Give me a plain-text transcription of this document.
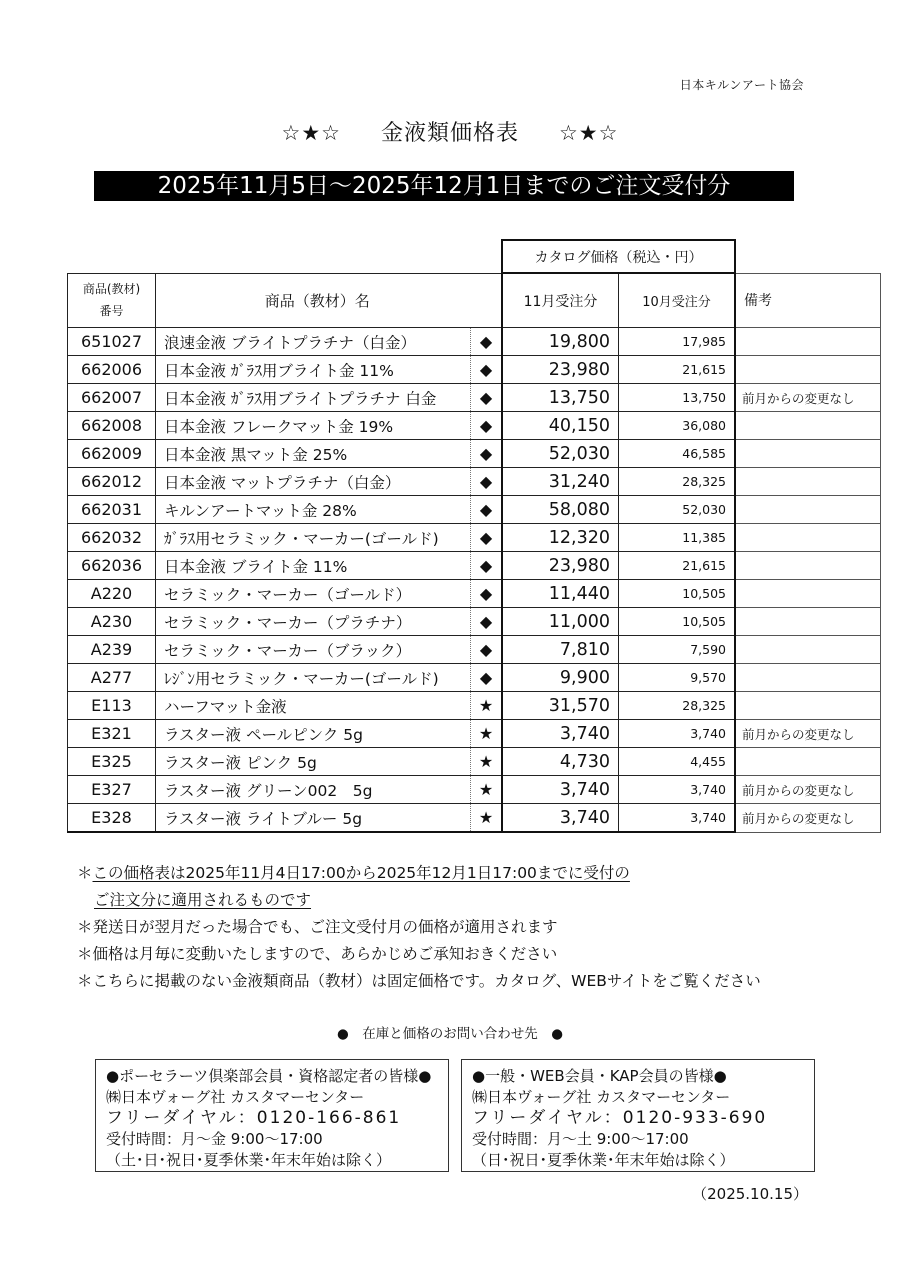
日本キルンアート協会
☆★☆ 金液類価格表 ☆★☆
2025年11月5日〜2025年12月1日までのご注文受付分
			カタログ価格（税込・円）		

商品(教材)
番号	商品（教材）名		11月受注分	10月受注分	備考
651027	浪速金液 ブライトプラチナ（白金）	◆	19,800	17,985	
662006	日本金液 ｶﾞﾗｽ用ブライト金 11%	◆	23,980	21,615	
662007	日本金液 ｶﾞﾗｽ用ブライトプラチナ 白金	◆	13,750	13,750	前月からの変更なし
662008	日本金液 フレークマット金 19%	◆	40,150	36,080	
662009	日本金液 黒マット金 25%	◆	52,030	46,585	
662012	日本金液 マットプラチナ（白金）	◆	31,240	28,325	
662031	キルンアートマット金 28%	◆	58,080	52,030	
662032	ｶﾞﾗｽ用セラミック・マーカー(ゴールド)	◆	12,320	11,385	
662036	日本金液 ブライト金 11%	◆	23,980	21,615	
A220	セラミック・マーカー（ゴールド）	◆	11,440	10,505	
A230	セラミック・マーカー（プラチナ）	◆	11,000	10,505	
A239	セラミック・マーカー（ブラック）	◆	7,810	7,590	
A277	ﾚｼﾞﾝ用セラミック・マーカー(ゴールド)	◆	9,900	9,570	
E113	ハーフマット金液	★	31,570	28,325	
E321	ラスター液 ペールピンク 5g	★	3,740	3,740	前月からの変更なし
E325	ラスター液 ピンク 5g	★	4,730	4,455	
E327	ラスター液 グリーン002　5g	★	3,740	3,740	前月からの変更なし
E328	ラスター液 ライトブルー 5g	★	3,740	3,740	前月からの変更なし
＊この価格表は2025年11月4日17:00から2025年12月1日17:00までに受付の
ご注文分に適用されるものです
＊発送日が翌月だった場合でも、ご注文受付月の価格が適用されます
＊価格は月毎に変動いたしますので、あらかじめご承知おきください
＊こちらに掲載のない金液類商品（教材）は固定価格です。カタログ、WEBサイトをご覧ください
●　在庫と価格のお問い合わせ先　●
●ポーセラーツ倶楽部会員・資格認定者の皆様●
㈱日本ヴォーグ社 カスタマーセンター
フリーダイヤル：0120-166-861
受付時間：月〜金 9:00〜17:00
（土･日･祝日･夏季休業･年末年始は除く）
●一般・WEB会員・KAP会員の皆様●
㈱日本ヴォーグ社 カスタマーセンター
フリーダイヤル：0120-933-690
受付時間：月〜土 9:00〜17:00
（日･祝日･夏季休業･年末年始は除く）
（2025.10.15）
